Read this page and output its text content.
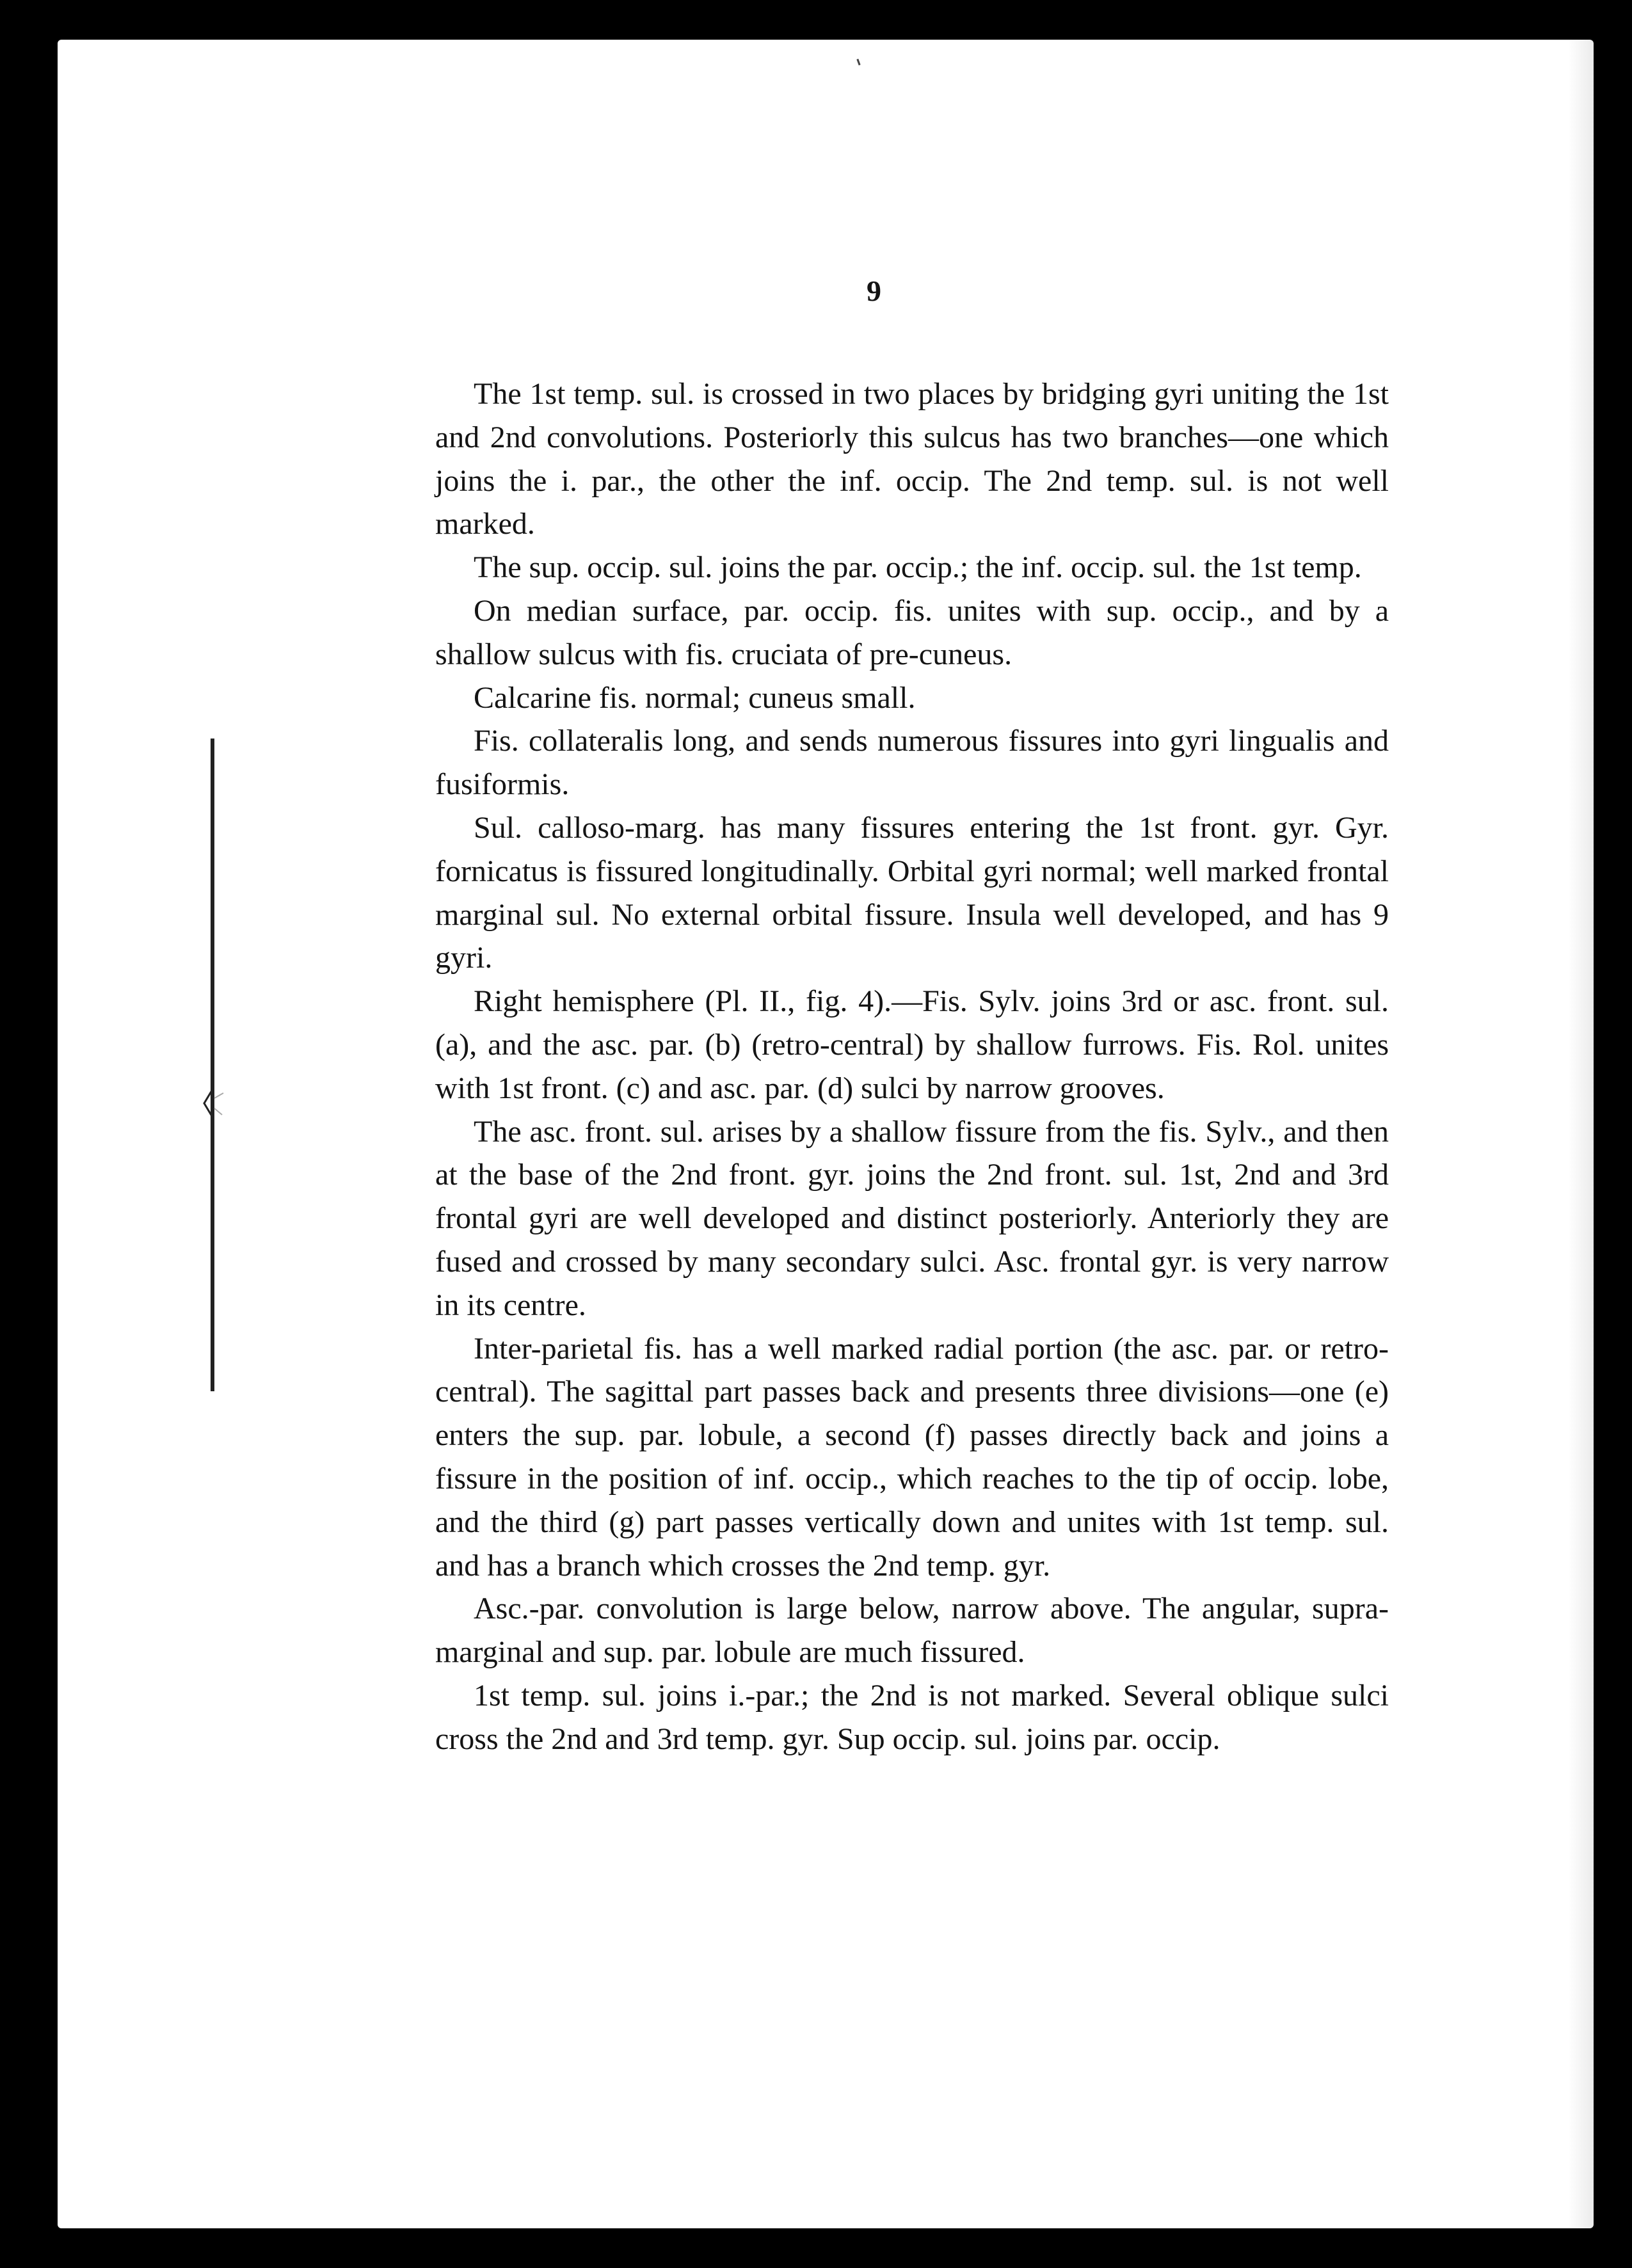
9

The 1st temp. sul. is crossed in two places by bridging gyri uniting the 1st and 2nd convolutions. Posteriorly this sulcus has two branches—one which joins the i. par., the other the inf. occip. The 2nd temp. sul. is not well marked.

The sup. occip. sul. joins the par. occip.; the inf. occip. sul. the 1st temp.

On median surface, par. occip. fis. unites with sup. occip., and by a shallow sulcus with fis. cruciata of pre-cuneus.

Calcarine fis. normal; cuneus small.

Fis. collateralis long, and sends numerous fissures into gyri lingualis and fusiformis.

Sul. calloso-marg. has many fissures entering the 1st front. gyr. Gyr. fornicatus is fissured longitudinally. Orbital gyri normal; well marked frontal marginal sul. No external orbital fissure. Insula well developed, and has 9 gyri.

Right hemisphere (Pl. II., fig. 4).—Fis. Sylv. joins 3rd or asc. front. sul. (a), and the asc. par. (b) (retro-central) by shallow furrows. Fis. Rol. unites with 1st front. (c) and asc. par. (d) sulci by narrow grooves.

The asc. front. sul. arises by a shallow fissure from the fis. Sylv., and then at the base of the 2nd front. gyr. joins the 2nd front. sul. 1st, 2nd and 3rd frontal gyri are well developed and distinct posteriorly. Anteriorly they are fused and crossed by many secondary sulci. Asc. frontal gyr. is very narrow in its centre.

Inter-parietal fis. has a well marked radial portion (the asc. par. or retro-central). The sagittal part passes back and presents three divisions—one (e) enters the sup. par. lobule, a second (f) passes directly back and joins a fissure in the position of inf. occip., which reaches to the tip of occip. lobe, and the third (g) part passes vertically down and unites with 1st temp. sul. and has a branch which crosses the 2nd temp. gyr.

Asc.-par. convolution is large below, narrow above. The angular, supra-marginal and sup. par. lobule are much fissured.

1st temp. sul. joins i.-par.; the 2nd is not marked. Several oblique sulci cross the 2nd and 3rd temp. gyr. Sup occip. sul. joins par. occip.
